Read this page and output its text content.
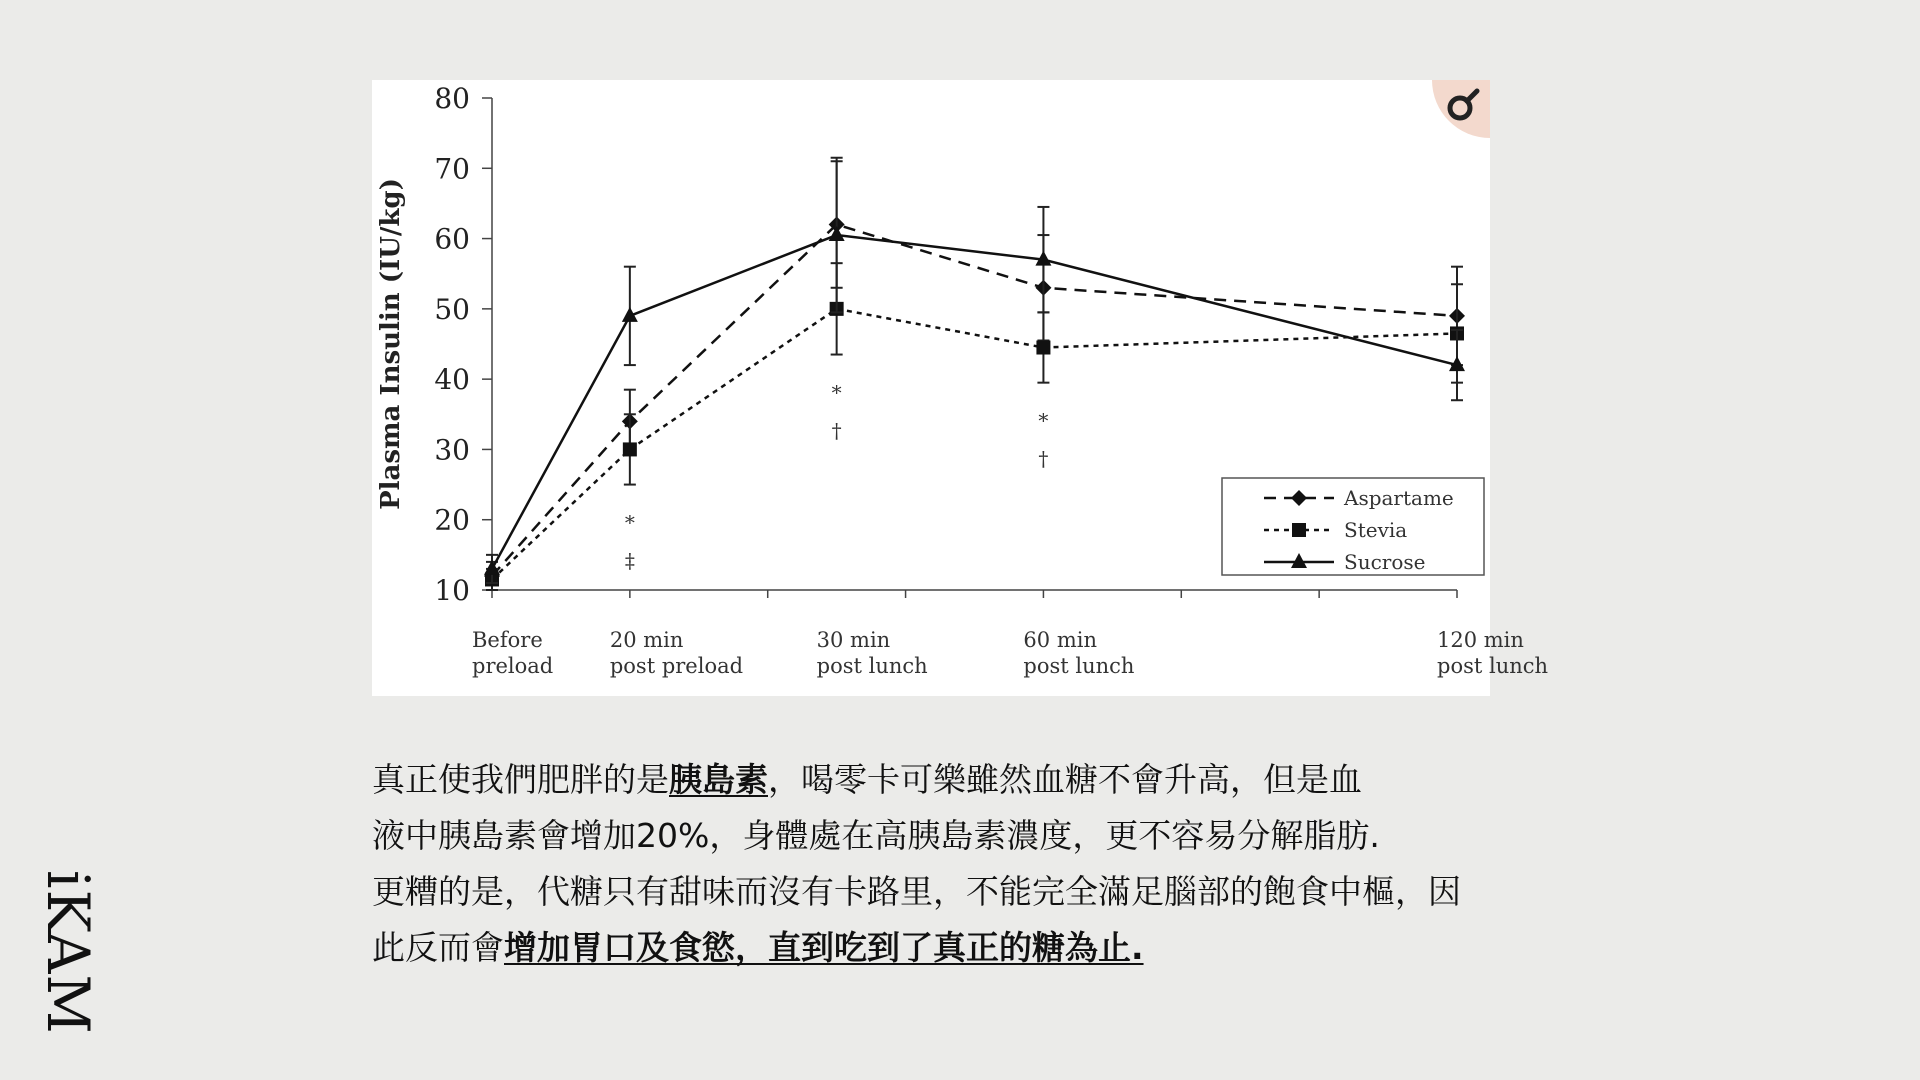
iKAM
10
20
30
40
50
60
70
80
Plasma Insulin (IU/kg)
Before
preload
20 min
post preload
30 min
post lunch
60 min
post lunch
120 min
post lunch
*
‡
*
†	*
†
Aspartame
Stevia
Sucrose
真正使我們肥胖的是胰島素，喝零卡可樂雖然血糖不會升高，但是血
液中胰島素會增加20%，身體處在高胰島素濃度，更不容易分解脂肪.
更糟的是，代糖只有甜味而沒有卡路里，不能完全滿足腦部的飽食中樞，因
此反而會增加胃口及食慾，直到吃到了真正的糖為止.
